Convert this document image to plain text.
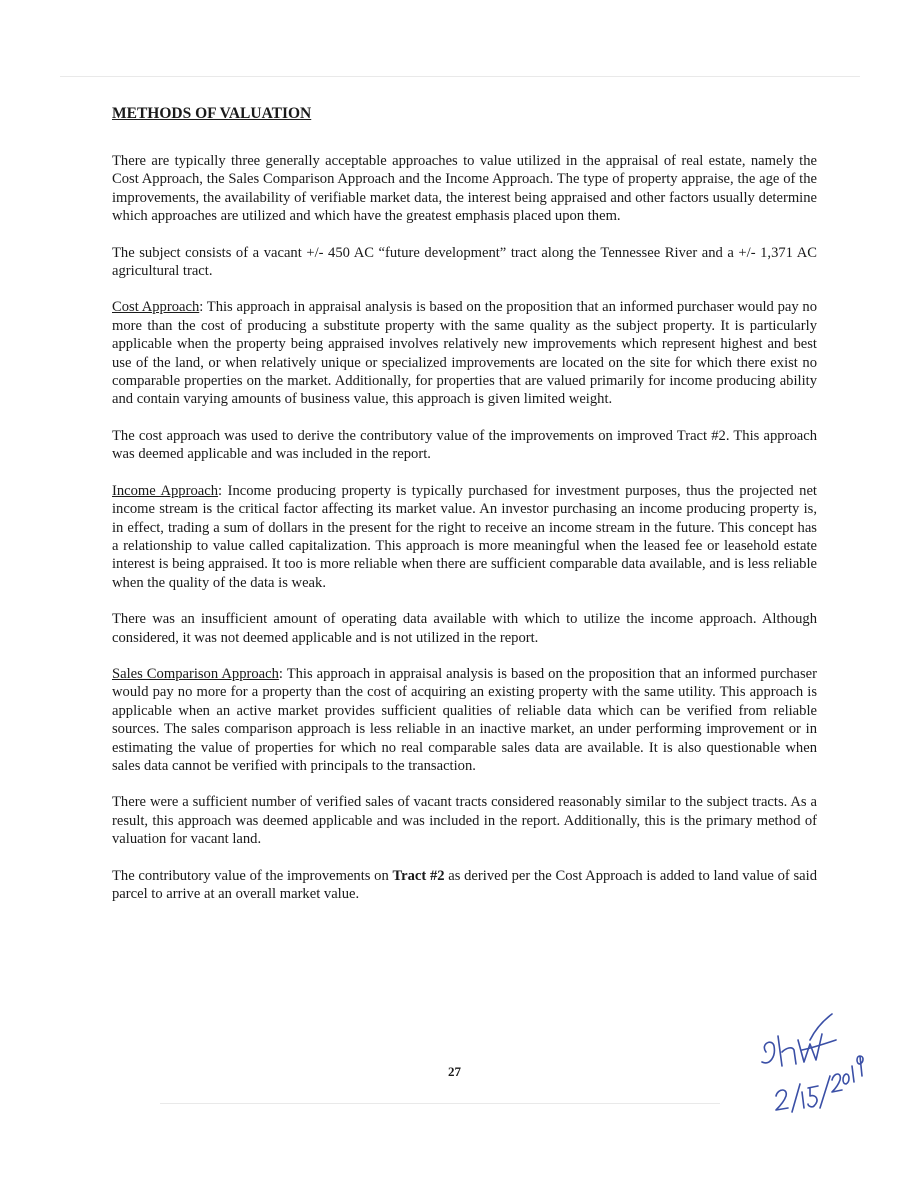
METHODS OF VALUATION

There are typically three generally acceptable approaches to value utilized in the appraisal of real estate, namely the Cost Approach, the Sales Comparison Approach and the Income Approach. The type of property appraise, the age of the improvements, the availability of verifiable market data, the interest being appraised and other factors usually determine which approaches are utilized and which have the greatest emphasis placed upon them.

The subject consists of a vacant +/- 450 AC “future development” tract along the Tennessee River and a +/- 1,371 AC agricultural tract.

Cost Approach: This approach in appraisal analysis is based on the proposition that an informed purchaser would pay no more than the cost of producing a substitute property with the same quality as the subject property. It is particularly applicable when the property being appraised involves relatively new improvements which represent highest and best use of the land, or when relatively unique or specialized improvements are located on the site for which there exist no comparable properties on the market. Additionally, for properties that are valued primarily for income producing ability and contain varying amounts of business value, this approach is given limited weight.

The cost approach was used to derive the contributory value of the improvements on improved Tract #2. This approach was deemed applicable and was included in the report.

Income Approach: Income producing property is typically purchased for investment purposes, thus the projected net income stream is the critical factor affecting its market value. An investor purchasing an income producing property is, in effect, trading a sum of dollars in the present for the right to receive an income stream in the future. This concept has a relationship to value called capitalization. This approach is more meaningful when the leased fee or leasehold estate interest is being appraised. It too is more reliable when there are sufficient comparable data available, and is less reliable when the quality of the data is weak.

There was an insufficient amount of operating data available with which to utilize the income approach. Although considered, it was not deemed applicable and is not utilized in the report.

Sales Comparison Approach: This approach in appraisal analysis is based on the proposition that an informed purchaser would pay no more for a property than the cost of acquiring an existing property with the same utility. This approach is applicable when an active market provides sufficient qualities of reliable data which can be verified from reliable sources. The sales comparison approach is less reliable in an inactive market, an under performing improvement or in estimating the value of properties for which no real comparable sales data are available. It is also questionable when sales data cannot be verified with principals to the transaction.

There were a sufficient number of verified sales of vacant tracts considered reasonably similar to the subject tracts. As a result, this approach was deemed applicable and was included in the report. Additionally, this is the primary method of valuation for vacant land.

The contributory value of the improvements on Tract #2 as derived per the Cost Approach is added to land value of said parcel to arrive at an overall market value.

27
